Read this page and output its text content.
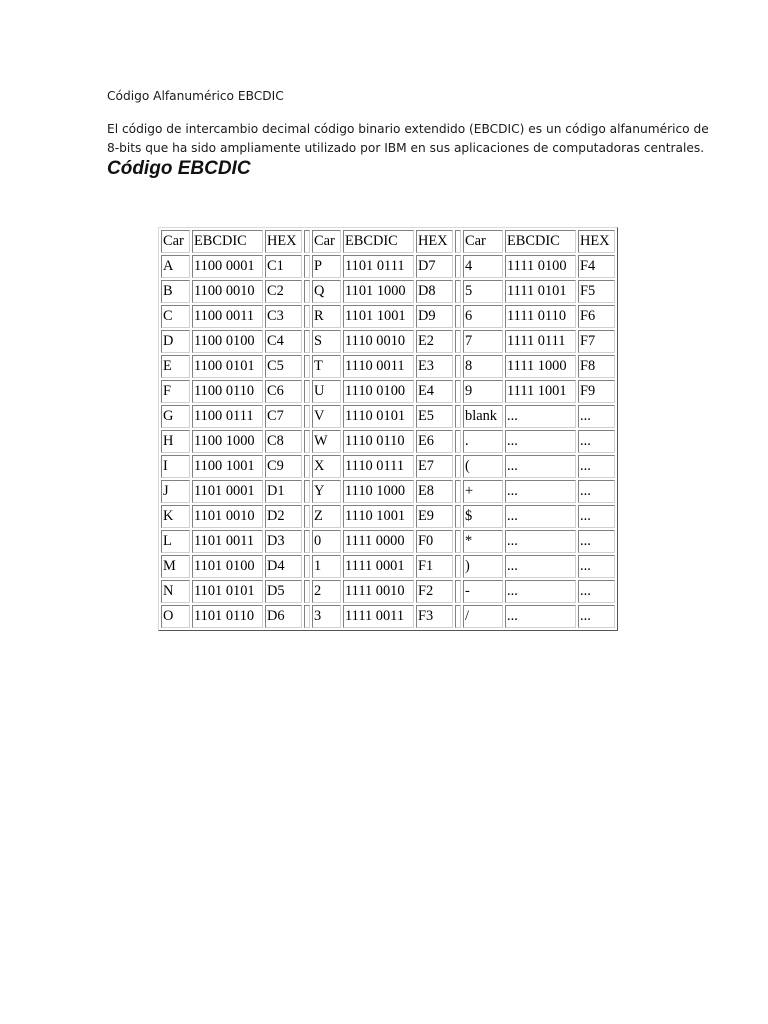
Código Alfanumérico EBCDIC
El código de intercambio decimal código binario extendido (EBCDIC) es un código alfanumérico de
8-bits que ha sido ampliamente utilizado por IBM en sus aplicaciones de computadoras centrales.
Código EBCDIC
Car	EBCDIC	HEX		Car	EBCDIC	HEX		Car	EBCDIC	HEX
A	1100 0001	C1		P	1101 0111	D7		4	1111 0100	F4
B	1100 0010	C2		Q	1101 1000	D8		5	1111 0101	F5
C	1100 0011	C3		R	1101 1001	D9		6	1111 0110	F6
D	1100 0100	C4		S	1110 0010	E2		7	1111 0111	F7
E	1100 0101	C5		T	1110 0011	E3		8	1111 1000	F8
F	1100 0110	C6		U	1110 0100	E4		9	1111 1001	F9
G	1100 0111	C7		V	1110 0101	E5		blank	...	...
H	1100 1000	C8		W	1110 0110	E6		.	...	...
I	1100 1001	C9		X	1110 0111	E7		(	...	...
J	1101 0001	D1		Y	1110 1000	E8		+	...	...
K	1101 0010	D2		Z	1110 1001	E9		$	...	...
L	1101 0011	D3		0	1111 0000	F0		*	...	...
M	1101 0100	D4		1	1111 0001	F1		)	...	...
N	1101 0101	D5		2	1111 0010	F2		-	...	...
O	1101 0110	D6		3	1111 0011	F3		/	...	...
